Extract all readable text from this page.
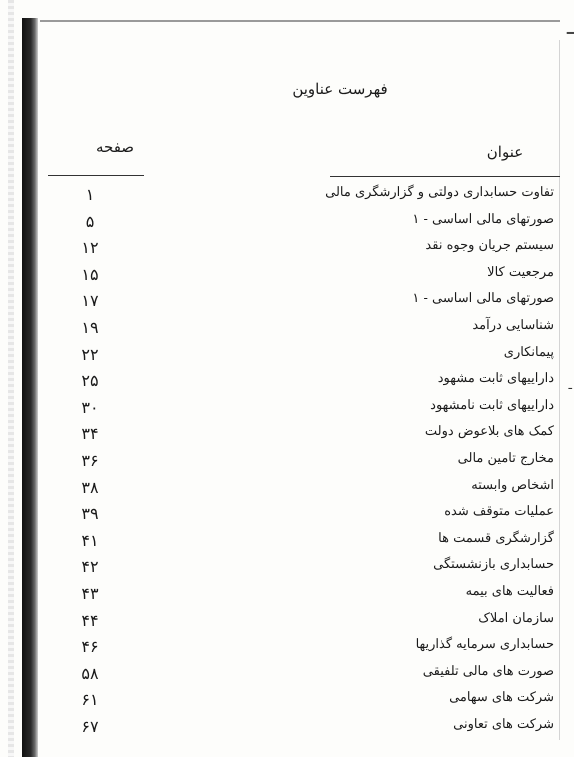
━
ـ
فهرست عناوین
صفحه	عنوان
۱	تفاوت حسابداری دولتی و گزارشگری مالی
۵	صورتهای مالی اساسی - ۱
۱۲	سیستم جریان وجوه نقد
۱۵	مرجعیت کالا
۱۷	صورتهای مالی اساسی - ۱
۱۹	شناسایی درآمد
۲۲	پیمانکاری
۲۵	داراییهای ثابت مشهود
۳۰	داراییهای ثابت نامشهود
۳۴	کمک های بلاعوض دولت
۳۶	مخارج تامین مالی
۳۸	اشخاص وابسته
۳۹	عملیات متوقف شده
۴۱	گزارشگری قسمت ها
۴۲	حسابداری بازنشستگی
۴۳	فعالیت های بیمه
۴۴	سازمان املاک
۴۶	حسابداری سرمایه گذاریها
۵۸	صورت های مالی تلفیقی
۶۱	شرکت های سهامی
۶۷	شرکت های تعاونی
